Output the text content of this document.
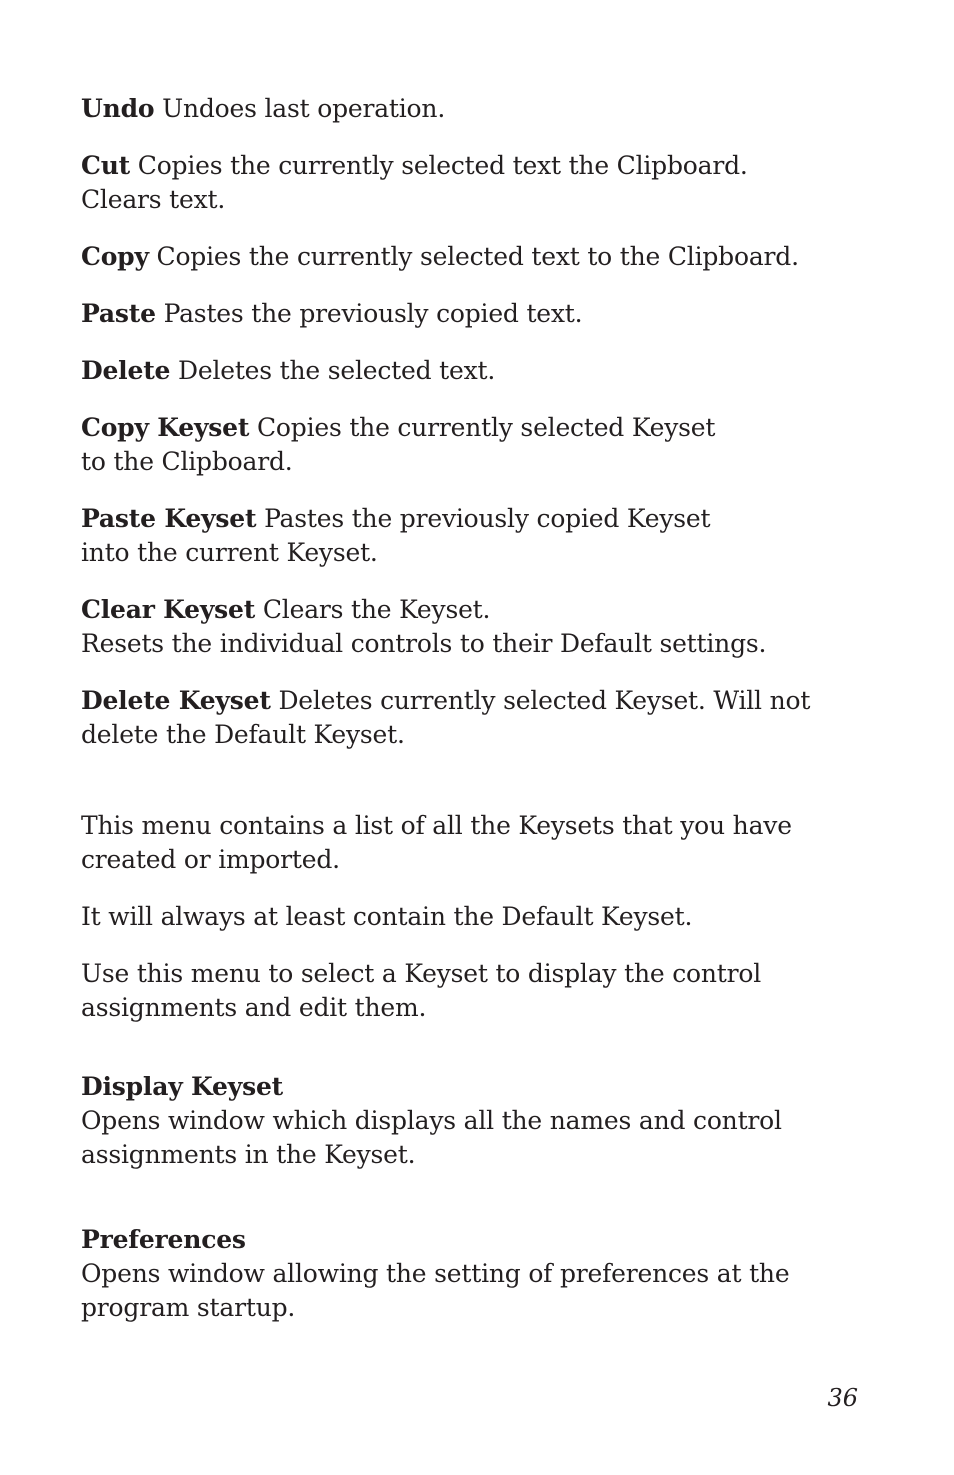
Undo Undoes last operation.
Cut Copies the currently selected text the Clipboard.
Clears text.
Copy Copies the currently selected text to the Clipboard.
Paste Pastes the previously copied text.
Delete Deletes the selected text.
Copy Keyset Copies the currently selected Keyset
to the Clipboard.
Paste Keyset Pastes the previously copied Keyset
into the current Keyset.
Clear Keyset Clears the Keyset.
Resets the individual controls to their Default settings.
Delete Keyset Deletes currently selected Keyset. Will not
delete the Default Keyset.
This menu contains a list of all the Keysets that you have
created or imported.
It will always at least contain the Default Keyset.
Use this menu to select a Keyset to display the control
assignments and edit them.
Display Keyset
Opens window which displays all the names and control
assignments in the Keyset.
Preferences
Opens window allowing the setting of preferences at the
program startup.
36
